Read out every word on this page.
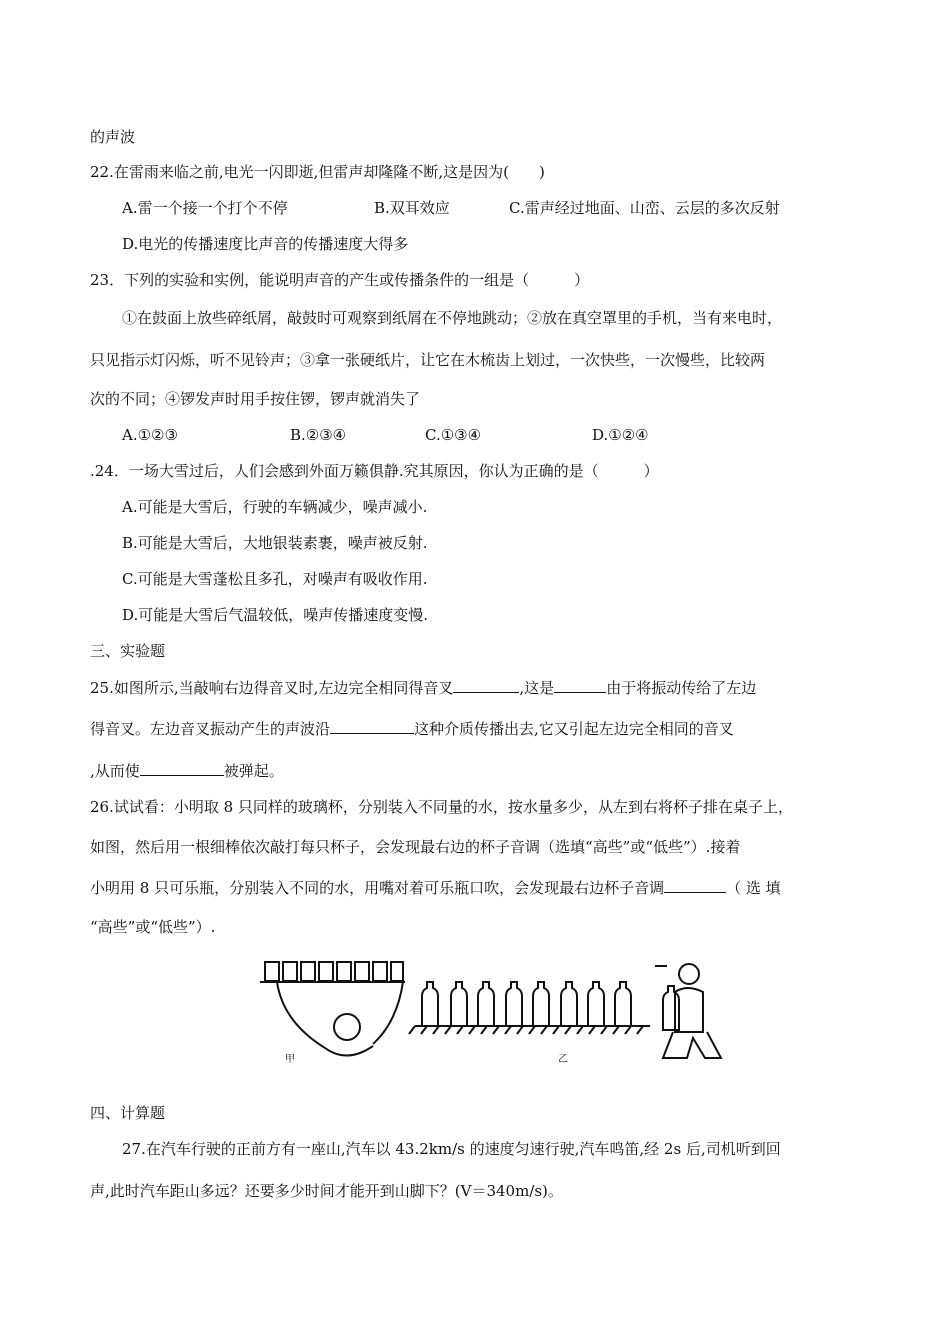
的声波
22.在雷雨来临之前,电光一闪即逝,但雷声却隆隆不断,这是因为(　　)
A.雷一个接一个打个不停	B.双耳效应	C.雷声经过地面、山峦、云层的多次反射
D.电光的传播速度比声音的传播速度大得多
23．下列的实验和实例，能说明声音的产生或传播条件的一组是（　　　）
①在鼓面上放些碎纸屑，敲鼓时可观察到纸屑在不停地跳动；②放在真空罩里的手机，当有来电时，
只见指示灯闪烁，听不见铃声；③拿一张硬纸片，让它在木梳齿上划过，一次快些，一次慢些，比较两
次的不同；④锣发声时用手按住锣，锣声就消失了
A.①②③	B.②③④	C.①③④	D.①②④
.24．一场大雪过后，人们会感到外面万籁俱静.究其原因，你认为正确的是（　　　）
A.可能是大雪后，行驶的车辆减少，噪声减小.
B.可能是大雪后，大地银装素裹，噪声被反射.
C.可能是大雪蓬松且多孔，对噪声有吸收作用.
D.可能是大雪后气温较低，噪声传播速度变慢.
三、实验题
25.如图所示,当敲响右边得音叉时,左边完全相同得音叉	,这是	由于将振动传给了左边
得音叉。左边音叉振动产生的声波沿	这种介质传播出去,它又引起左边完全相同的音叉
,从而使	被弹起。
26.试试看：小明取 8 只同样的玻璃杯，分别装入不同量的水，按水量多少，从左到右将杯子排在桌子上，
如图，然后用一根细棒依次敲打每只杯子，会发现最右边的杯子音调（选填“高些”或“低些”）.接着
小明用 8 只可乐瓶，分别装入不同的水，用嘴对着可乐瓶口吹，会发现最右边杯子音调	（ 选 填
“高些”或“低些”）.
甲	乙
四、计算题
27.在汽车行驶的正前方有一座山,汽车以 43.2km/s 的速度匀速行驶,汽车鸣笛,经 2s 后,司机听到回
声,此时汽车距山多远？还要多少时间才能开到山脚下？(V＝340m/s)。
